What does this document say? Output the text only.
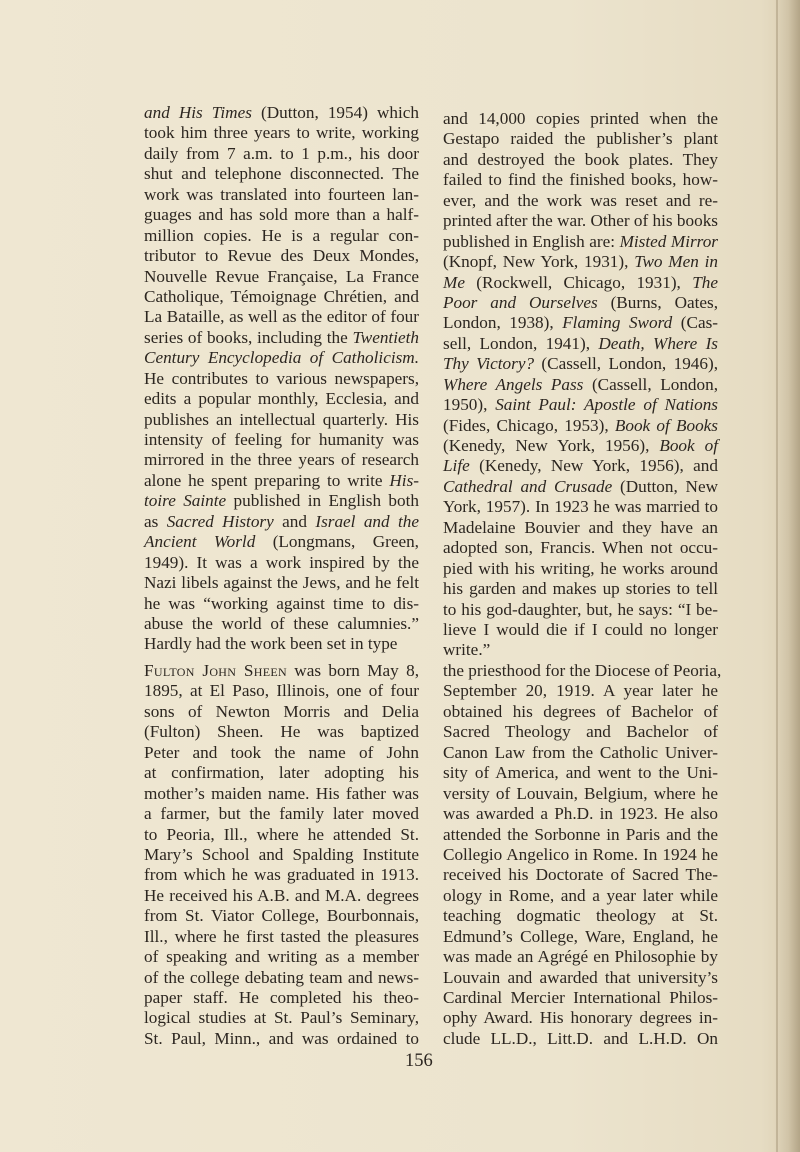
and His Times (Dutton, 1954) which
took him three years to write, working
daily from 7 a.m. to 1 p.m., his door
shut and telephone disconnected. The
work was translated into fourteen lan-
guages and has sold more than a half-
million copies. He is a regular con-
tributor to Revue des Deux Mondes,
Nouvelle Revue Française, La France
Catholique, Témoignage Chrétien, and
La Bataille, as well as the editor of four
series of books, including the Twentieth
Century Encyclopedia of Catholicism.
He contributes to various newspapers,
edits a popular monthly, Ecclesia, and
publishes an intellectual quarterly. His
intensity of feeling for humanity was
mirrored in the three years of research
alone he spent preparing to write His-
toire Sainte published in English both
as Sacred History and Israel and the
Ancient World (Longmans, Green,
1949). It was a work inspired by the
Nazi libels against the Jews, and he felt
he was “working against time to dis-
abuse the world of these calumnies.”
Hardly had the work been set in type
and 14,000 copies printed when the
Gestapo raided the publisher’s plant
and destroyed the book plates. They
failed to find the finished books, how-
ever, and the work was reset and re-
printed after the war. Other of his books
published in English are: Misted Mirror
(Knopf, New York, 1931), Two Men in
Me (Rockwell, Chicago, 1931), The
Poor and Ourselves (Burns, Oates,
London, 1938), Flaming Sword (Cas-
sell, London, 1941), Death, Where Is
Thy Victory? (Cassell, London, 1946),
Where Angels Pass (Cassell, London,
1950), Saint Paul: Apostle of Nations
(Fides, Chicago, 1953), Book of Books
(Kenedy, New York, 1956), Book of
Life (Kenedy, New York, 1956), and
Cathedral and Crusade (Dutton, New
York, 1957). In 1923 he was married to
Madelaine Bouvier and they have an
adopted son, Francis. When not occu-
pied with his writing, he works around
his garden and makes up stories to tell
to his god-daughter, but, he says: “I be-
lieve I would die if I could no longer
write.”
Fulton John Sheen was born May 8,
1895, at El Paso, Illinois, one of four
sons of Newton Morris and Delia
(Fulton) Sheen. He was baptized
Peter and took the name of John
at confirmation, later adopting his
mother’s maiden name. His father was
a farmer, but the family later moved
to Peoria, Ill., where he attended St.
Mary’s School and Spalding Institute
from which he was graduated in 1913.
He received his A.B. and M.A. degrees
from St. Viator College, Bourbonnais,
Ill., where he first tasted the pleasures
of speaking and writing as a member
of the college debating team and news-
paper staff. He completed his theo-
logical studies at St. Paul’s Seminary,
St. Paul, Minn., and was ordained to
the priesthood for the Diocese of Peoria,
September 20, 1919. A year later he
obtained his degrees of Bachelor of
Sacred Theology and Bachelor of
Canon Law from the Catholic Univer-
sity of America, and went to the Uni-
versity of Louvain, Belgium, where he
was awarded a Ph.D. in 1923. He also
attended the Sorbonne in Paris and the
Collegio Angelico in Rome. In 1924 he
received his Doctorate of Sacred The-
ology in Rome, and a year later while
teaching dogmatic theology at St.
Edmund’s College, Ware, England, he
was made an Agrégé en Philosophie by
Louvain and awarded that university’s
Cardinal Mercier International Philos-
ophy Award. His honorary degrees in-
clude LL.D., Litt.D. and L.H.D. On
156
